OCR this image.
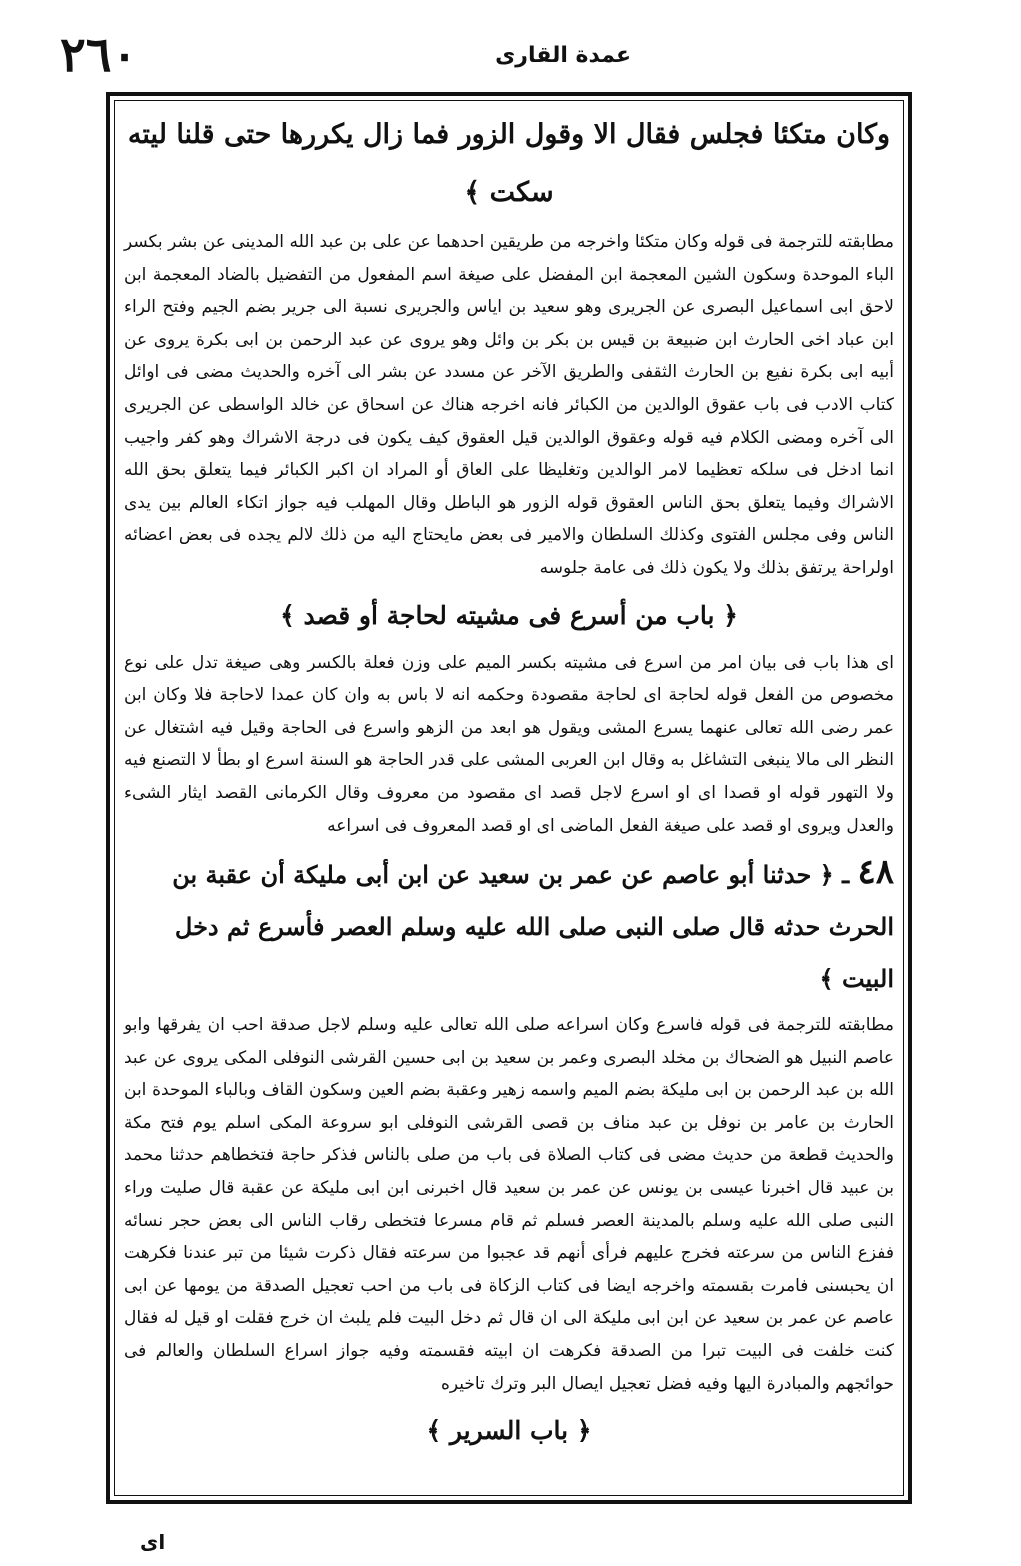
٢٦٠	عمدة القارى
وكان متكئا فجلس فقال الا وقول الزور فما زال يكررها حتى قلنا ليته سكت ﴾

مطابقته للترجمة فى قوله وكان متكئا واخرجه من طريقين احدهما عن على بن عبد الله المدينى عن بشر بكسر الباء الموحدة وسكون الشين المعجمة ابن المفضل على صيغة اسم المفعول من التفضيل بالضاد المعجمة ابن لاحق ابى اسماعيل البصرى عن الجريرى وهو سعيد بن اياس والجريرى نسبة الى جرير بضم الجيم وفتح الراء ابن عباد اخى الحارث ابن ضبيعة بن قيس بن بكر بن وائل وهو يروى عن عبد الرحمن بن ابى بكرة يروى عن أبيه ابى بكرة نفيع بن الحارث الثقفى والطريق الآخر عن مسدد عن بشر الى آخره والحديث مضى فى اوائل كتاب الادب فى باب عقوق الوالدين من الكبائر فانه اخرجه هناك عن اسحاق عن خالد الواسطى عن الجريرى الى آخره ومضى الكلام فيه قوله وعقوق الوالدين قيل العقوق كيف يكون فى درجة الاشراك وهو كفر واجيب انما ادخل فى سلكه تعظيما لامر الوالدين وتغليظا على العاق أو المراد ان اكبر الكبائر فيما يتعلق بحق الله الاشراك وفيما يتعلق بحق الناس العقوق قوله الزور هو الباطل وقال المهلب فيه جواز اتكاء العالم بين يدى الناس وفى مجلس الفتوى وكذلك السلطان والامير فى بعض مايحتاج اليه من ذلك لالم يجده فى بعض اعضائه اولراحة يرتفق بذلك ولا يكون ذلك فى عامة جلوسه

﴿ باب من أسرع فى مشيته لحاجة أو قصد ﴾

اى هذا باب فى بيان امر من اسرع فى مشيته بكسر الميم على وزن فعلة بالكسر وهى صيغة تدل على نوع مخصوص من الفعل قوله لحاجة اى لحاجة مقصودة وحكمه انه لا باس به وان كان عمدا لاحاجة فلا وكان ابن عمر رضى الله تعالى عنهما يسرع المشى ويقول هو ابعد من الزهو واسرع فى الحاجة وقيل فيه اشتغال عن النظر الى مالا ينبغى التشاغل به وقال ابن العربى المشى على قدر الحاجة هو السنة اسرع او بطأ لا التصنع فيه ولا التهور قوله او قصدا اى او اسرع لاجل قصد اى مقصود من معروف وقال الكرمانى القصد ايثار الشىء والعدل ويروى او قصد على صيغة الفعل الماضى اى او قصد المعروف فى اسراعه

٤٨ ـ ﴿ حدثنا أبو عاصم عن عمر بن سعيد عن ابن أبى مليكة أن عقبة بن الحرث حدثه قال صلى النبى صلى الله عليه وسلم العصر فأسرع ثم دخل البيت ﴾

مطابقته للترجمة فى قوله فاسرع وكان اسراعه صلى الله تعالى عليه وسلم لاجل صدقة احب ان يفرقها وابو عاصم النبيل هو الضحاك بن مخلد البصرى وعمر بن سعيد بن ابى حسين القرشى النوفلى المكى يروى عن عبد الله بن عبد الرحمن بن ابى مليكة بضم الميم واسمه زهير وعقبة بضم العين وسكون القاف وبالباء الموحدة ابن الحارث بن عامر بن نوفل بن عبد مناف بن قصى القرشى النوفلى ابو سروعة المكى اسلم يوم فتح مكة والحديث قطعة من حديث مضى فى كتاب الصلاة فى باب من صلى بالناس فذكر حاجة فتخطاهم حدثنا محمد بن عبيد قال اخبرنا عيسى بن يونس عن عمر بن سعيد قال اخبرنى ابن ابى مليكة عن عقبة قال صليت وراء النبى صلى الله عليه وسلم بالمدينة العصر فسلم ثم قام مسرعا فتخطى رقاب الناس الى بعض حجر نسائه ففزع الناس من سرعته فخرج عليهم فرأى أنهم قد عجبوا من سرعته فقال ذكرت شيئا من تبر عندنا فكرهت ان يحبسنى فامرت بقسمته واخرجه ايضا فى كتاب الزكاة فى باب من احب تعجيل الصدقة من يومها عن ابى عاصم عن عمر بن سعيد عن ابن ابى مليكة الى ان قال ثم دخل البيت فلم يلبث ان خرج فقلت او قيل له فقال كنت خلفت فى البيت تبرا من الصدقة فكرهت ان ابيته فقسمته وفيه جواز اسراع السلطان والعالم فى حوائجهم والمبادرة اليها وفيه فضل تعجيل ايصال البر وترك تاخيره

﴿ باب السرير ﴾
اى
